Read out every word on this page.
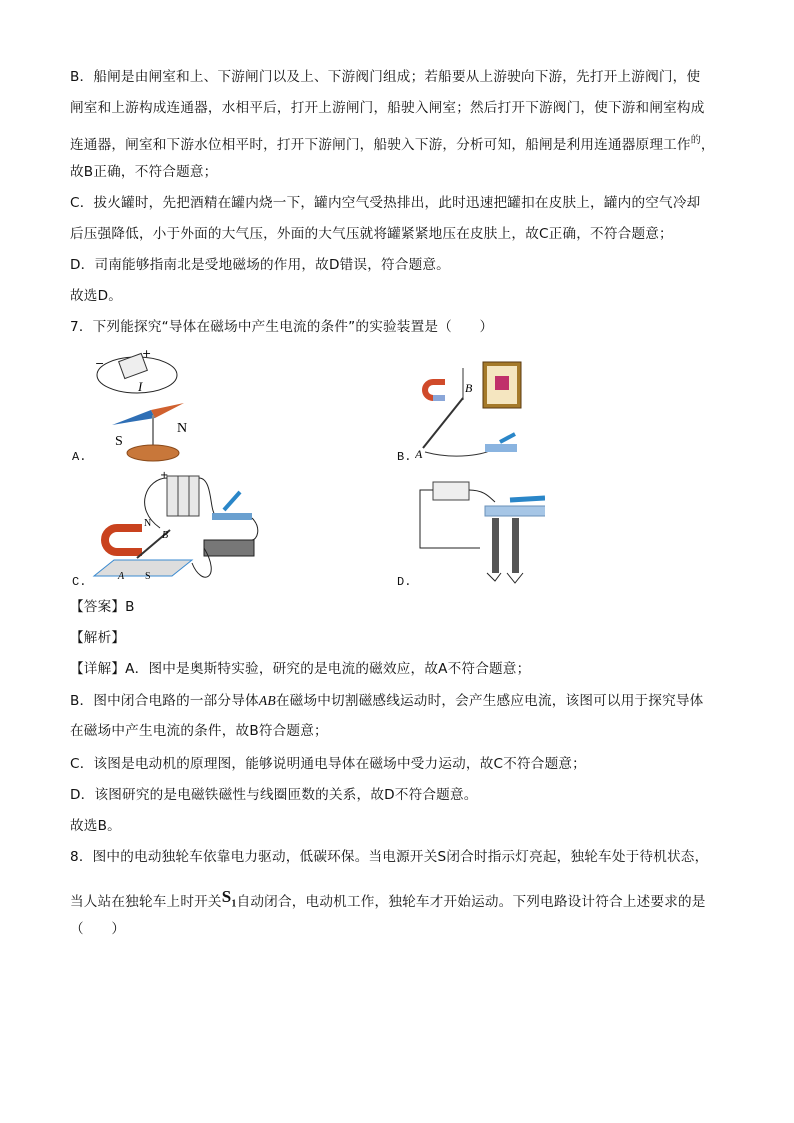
B．船闸是由闸室和上、下游闸门以及上、下游阀门组成；若船要从上游驶向下游，先打开上游阀门，使
闸室和上游构成连通器，水相平后，打开上游闸门，船驶入闸室；然后打开下游阀门，使下游和闸室构成
连通器，闸室和下游水位相平时，打开下游闸门，船驶入下游，分析可知，船闸是利用连通器原理工作$^的$，
故B正确，不符合题意；
C．拔火罐时，先把酒精在罐内烧一下，罐内空气受热排出，此时迅速把罐扣在皮肤上，罐内的空气冷却
后压强降低，小于外面的大气压，外面的大气压就将罐紧紧地压在皮肤上，故C正确，不符合题意；
D．司南能够指南北是受地磁场的作用，故D错误，符合题意。
故选D。
7．下列能探究“导体在磁场中产生电流的条件”的实验装置是（　　）
−
+
I
S
N
A.
B
A
B.
+
N
B
A S
C.	D.
【答案】B
【解析】
【详解】A．图中是奥斯特实验，研究的是电流的磁效应，故A不符合题意；
B．图中闭合电路的一部分导体AB在磁场中切割磁感线运动时，会产生感应电流，该图可以用于探究导体
在磁场中产生电流的条件，故B符合题意；
C．该图是电动机的原理图，能够说明通电导体在磁场中受力运动，故C不符合题意；
D．该图研究的是电磁铁磁性与线圈匝数的关系，故D不符合题意。
故选B。
8．图中的电动独轮车依靠电力驱动，低碳环保。当电源开关S闭合时指示灯亮起，独轮车处于待机状态，
当人站在独轮车上时开关$S_1$自动闭合，电动机工作，独轮车才开始运动。下列电路设计符合上述要求的是
（　　）
